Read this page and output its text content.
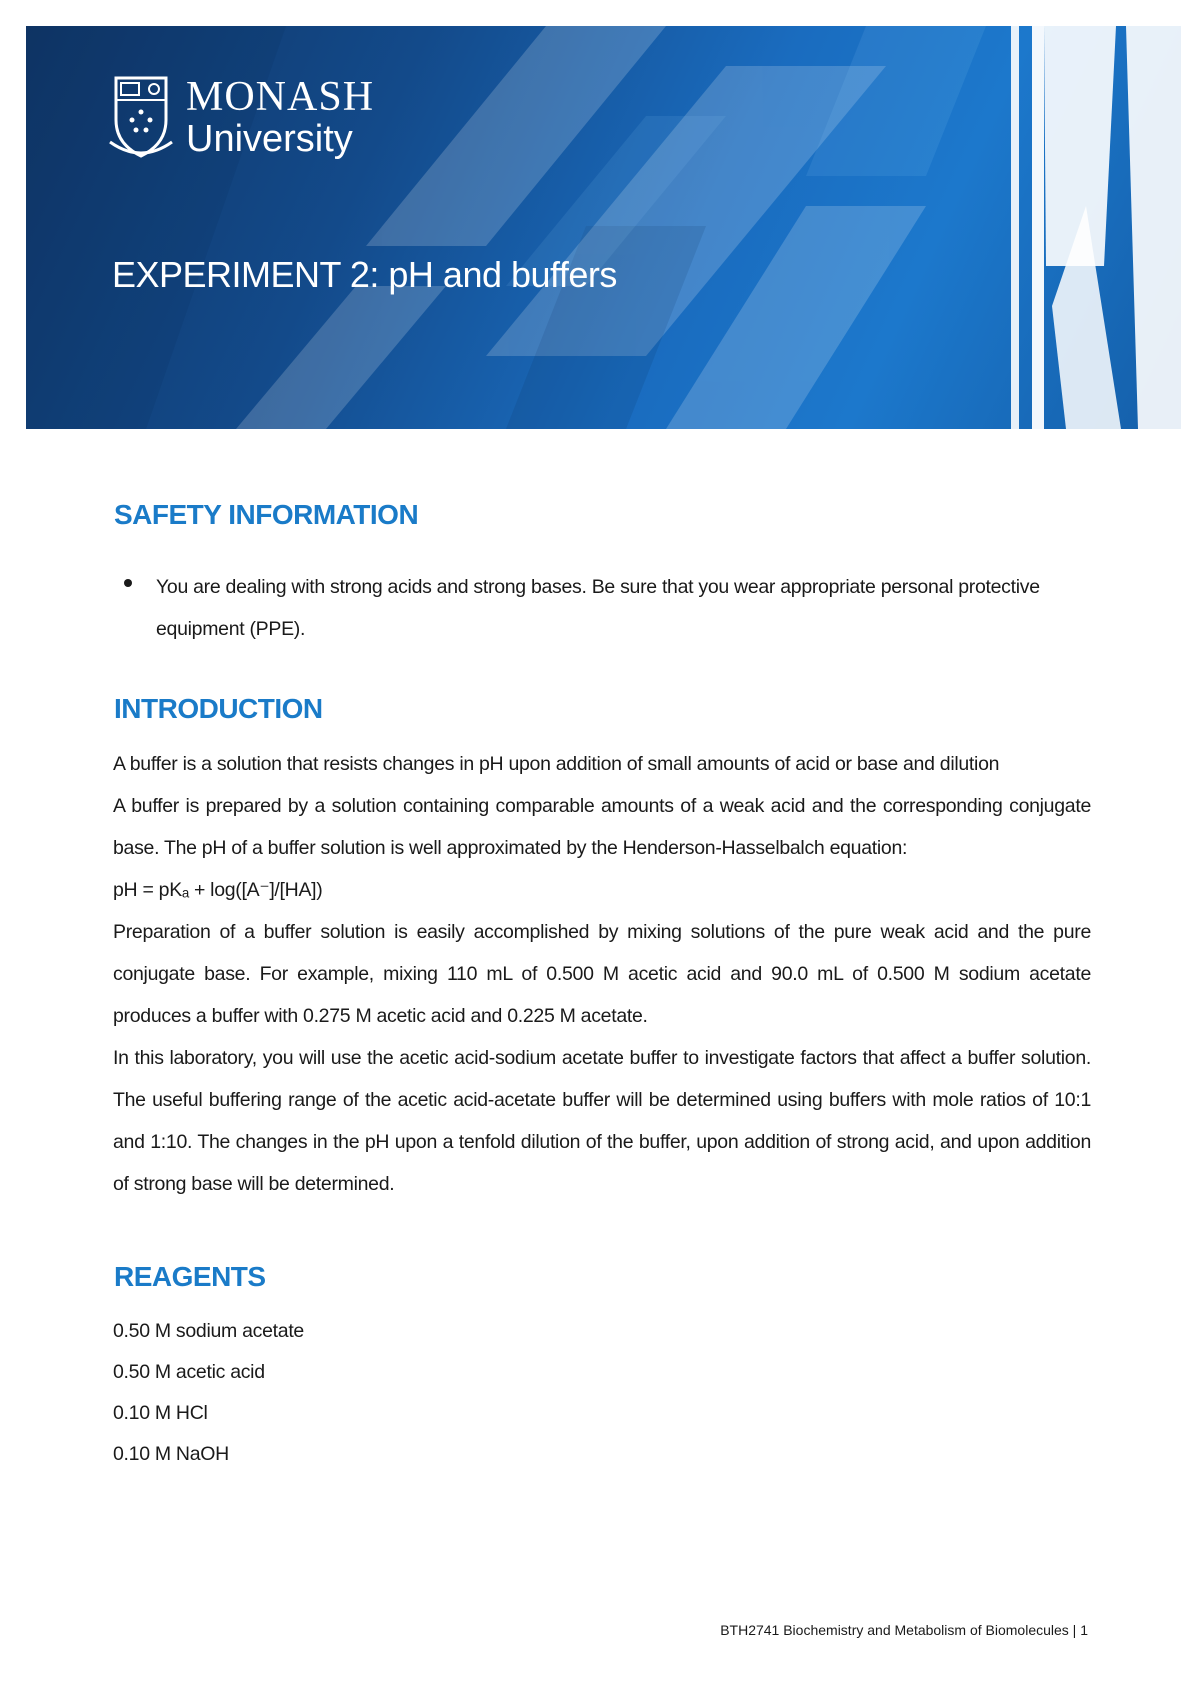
MONASH
University
EXPERIMENT 2: pH and buffers
SAFETY INFORMATION
You are dealing with strong acids and strong bases. Be sure that you wear appropriate personal protective equipment (PPE).
INTRODUCTION

A buffer is a solution that resists changes in pH upon addition of small amounts of acid or base and dilution

A buffer is prepared by a solution containing comparable amounts of a weak acid and the corresponding conjugate base. The pH of a buffer solution is well approximated by the Henderson-Hasselbalch equation:

pH = pKₐ + log([A⁻]/[HA])

Preparation of a buffer solution is easily accomplished by mixing solutions of the pure weak acid and the pure conjugate base. For example, mixing 110 mL of 0.500 M acetic acid and 90.0 mL of 0.500 M sodium acetate produces a buffer with 0.275 M acetic acid and 0.225 M acetate.

In this laboratory, you will use the acetic acid-sodium acetate buffer to investigate factors that affect a buffer solution. The useful buffering range of the acetic acid-acetate buffer will be determined using buffers with mole ratios of 10:1 and 1:10. The changes in the pH upon a tenfold dilution of the buffer, upon addition of strong acid, and upon addition of strong base will be determined.

REAGENTS
0.50 M sodium acetate
0.50 M acetic acid
0.10 M HCl
0.10 M NaOH
BTH2741 Biochemistry and Metabolism of Biomolecules | 1
